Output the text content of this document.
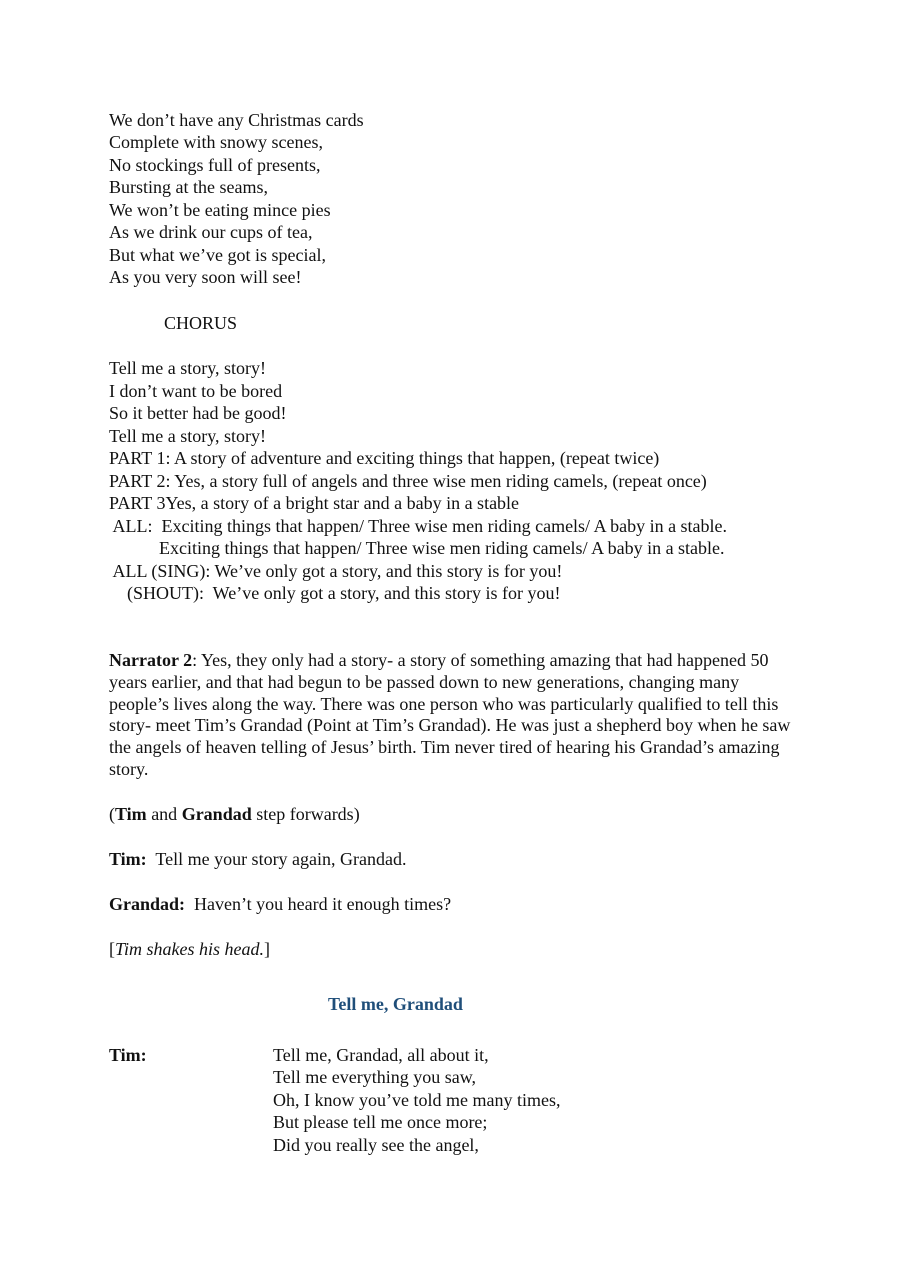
We don’t have any Christmas cards
Complete with snowy scenes,
No stockings full of presents,
Bursting at the seams,
We won’t be eating mince pies
As we drink our cups of tea,
But what we’ve got is special,
As you very soon will see!
CHORUS
Tell me a story, story!
I don’t want to be bored
So it better had be good!
Tell me a story, story!
PART 1: A story of adventure and exciting things that happen, (repeat twice)
PART 2: Yes, a story full of angels and three wise men riding camels, (repeat once)
PART 3Yes, a story of a bright star and a baby in a stable
ALL:  Exciting things that happen/ Three wise men riding camels/ A baby in a stable.
Exciting things that happen/ Three wise men riding camels/ A baby in a stable.
ALL (SING): We’ve only got a story, and this story is for you!
(SHOUT):  We’ve only got a story, and this story is for you!
Narrator 2: Yes, they only had a story- a story of something amazing that had happened 50 years earlier, and that had begun to be passed down to new generations, changing many people’s lives along the way. There was one person who was particularly qualified to tell this story- meet Tim’s Grandad (Point at Tim’s Grandad). He was just a shepherd boy when he saw the angels of heaven telling of Jesus’ birth. Tim never tired of hearing his Grandad’s amazing story.
(Tim and Grandad step forwards)
Tim:  Tell me your story again, Grandad.
Grandad:  Haven’t you heard it enough times?
[Tim shakes his head.]
Tell me, Grandad
Tim:	Tell me, Grandad, all about it,
Tell me everything you saw,
Oh, I know you’ve told me many times,
But please tell me once more;
Did you really see the angel,
